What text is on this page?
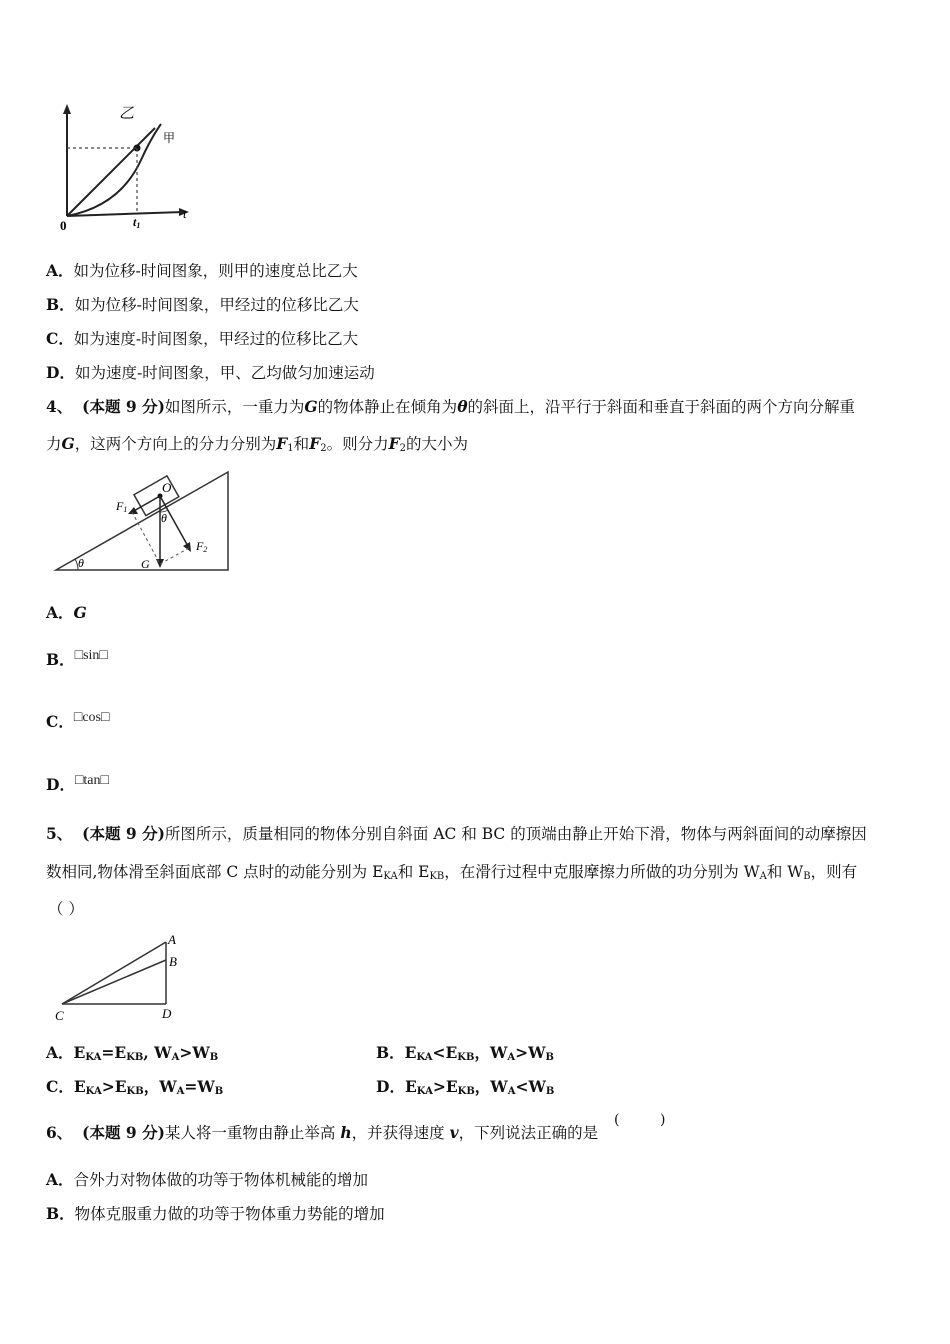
乙
甲
0	t1
t
A．如为位移-时间图象，则甲的速度总比乙大
B．如为位移-时间图象，甲经过的位移比乙大
C．如为速度-时间图象，甲经过的位移比乙大
D．如为速度-时间图象，甲、乙均做匀加速运动
4、 (本题 9 分)如图所示，一重力为G的物体静止在倾角为θ的斜面上，沿平行于斜面和垂直于斜面的两个方向分解重
力G，这两个方向上的分力分别为$F_1$和$F_2$。则分力$F_2$的大小为
O
F1
F2
θ
θ	G
A．G
B．□sin□
C．□cos□
D．□tan□
5、 (本题 9 分)所图所示，质量相同的物体分别自斜面 AC 和 BC 的顶端由静止开始下滑，物体与两斜面间的动摩擦因
数相同,物体滑至斜面底部 C 点时的动能分别为 $E_{KA}$和 $E_{KB}$，在滑行过程中克服摩擦力所做的功分别为 $W_A$和 $W_B$，则有
（ ）
A
B
C	D
A．$E_{KA}=E_{KB}$, $W_A>W_B$	B．$E_{KA}<E_{KB}$，$W_A>W_B$
C．$E_{KA}>E_{KB}$，$W_A=W_B$	D．$E_{KA}>E_{KB}$，$W_A<W_B$
6、 (本题 9 分)某人将一重物由静止举高 h，并获得速度 v，下列说法正确的是
(	)
A．合外力对物体做的功等于物体机械能的增加
B．物体克服重力做的功等于物体重力势能的增加
